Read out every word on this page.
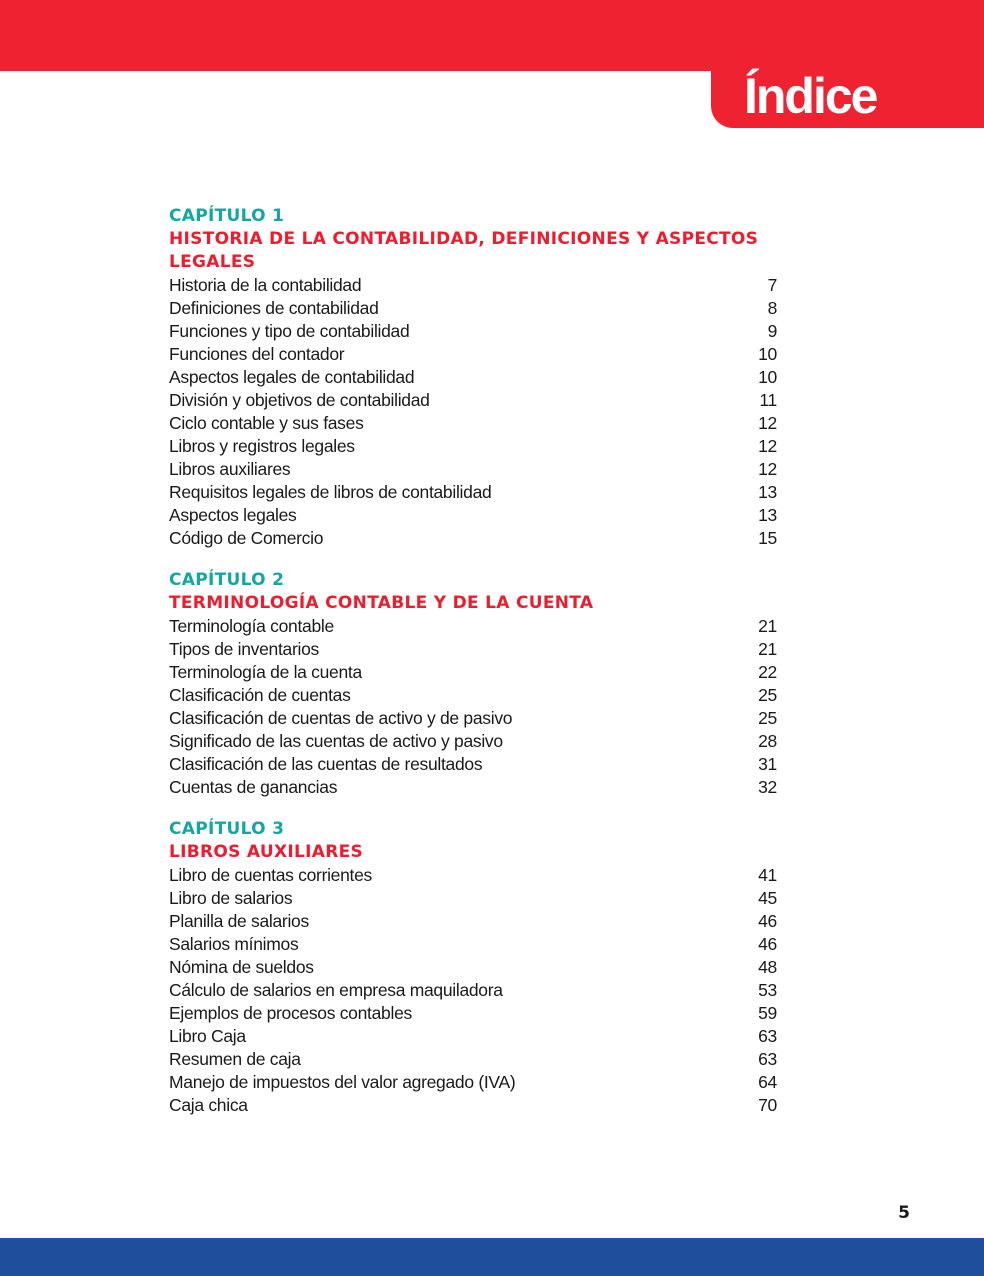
Índice
CAPÍTULO 1
HISTORIA DE LA CONTABILIDAD, DEFINICIONES Y ASPECTOS LEGALES
Historia de la contabilidad	7
Definiciones de contabilidad	8
Funciones y tipo de contabilidad	9
Funciones del contador	10
Aspectos legales de contabilidad	10
División y objetivos de contabilidad	11
Ciclo contable y sus fases	12
Libros y registros legales	12
Libros auxiliares	12
Requisitos legales de libros de contabilidad	13
Aspectos legales	13
Código de Comercio	15
CAPÍTULO 2
TERMINOLOGÍA CONTABLE Y DE LA CUENTA
Terminología contable	21
Tipos de inventarios	21
Terminología de la cuenta	22
Clasificación de cuentas	25
Clasificación de cuentas de activo y de pasivo	25
Significado de las cuentas de activo y pasivo	28
Clasificación de las cuentas de resultados	31
Cuentas de ganancias	32
CAPÍTULO 3
LIBROS AUXILIARES
Libro de cuentas corrientes	41
Libro de salarios	45
Planilla de salarios	46
Salarios mínimos	46
Nómina de sueldos	48
Cálculo de salarios en empresa maquiladora	53
Ejemplos de procesos contables	59
Libro Caja	63
Resumen de caja	63
Manejo de impuestos del valor agregado (IVA)	64
Caja chica	70
5
